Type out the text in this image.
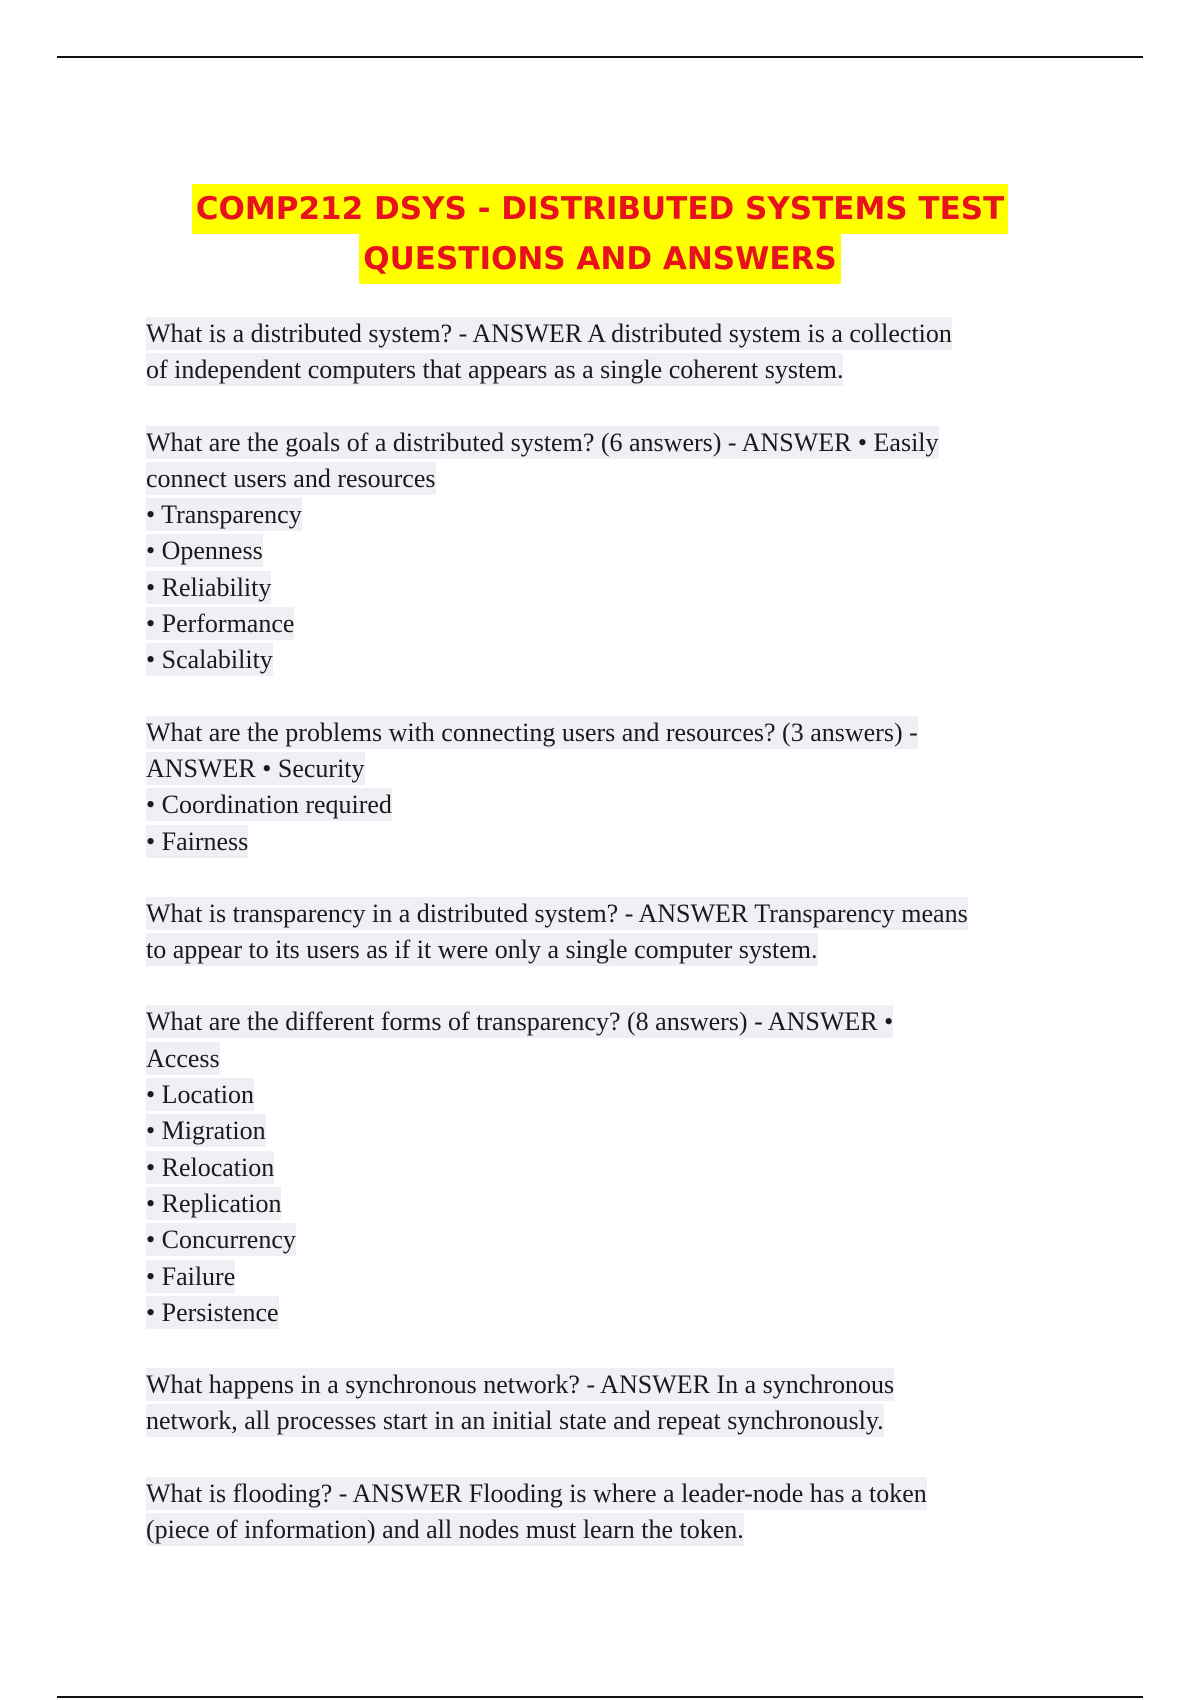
COMP212 DSYS - DISTRIBUTED SYSTEMS TEST
QUESTIONS AND ANSWERS
What is a distributed system? - ANSWER A distributed system is a collection
of independent computers that appears as a single coherent system.
What are the goals of a distributed system? (6 answers) - ANSWER • Easily
connect users and resources
• Transparency
• Openness
• Reliability
• Performance
• Scalability
What are the problems with connecting users and resources? (3 answers) -
ANSWER • Security
• Coordination required
• Fairness
What is transparency in a distributed system? - ANSWER Transparency means
to appear to its users as if it were only a single computer system.
What are the different forms of transparency? (8 answers) - ANSWER •
Access
• Location
• Migration
• Relocation
• Replication
• Concurrency
• Failure
• Persistence
What happens in a synchronous network? - ANSWER In a synchronous
network, all processes start in an initial state and repeat synchronously.
What is flooding? - ANSWER Flooding is where a leader-node has a token
(piece of information) and all nodes must learn the token.
